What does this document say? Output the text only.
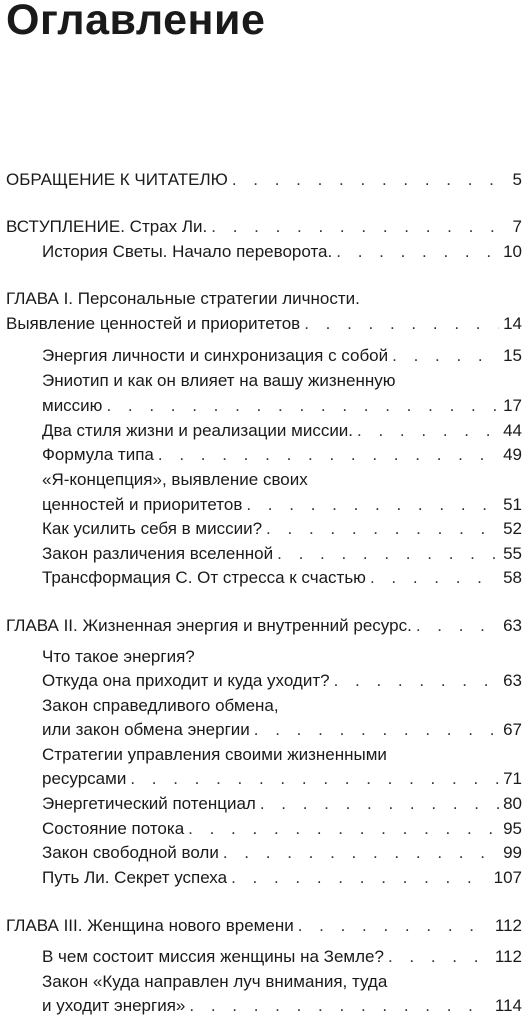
Оглавление
ОБРАЩЕНИЕ К ЧИТАТЕЛЮ . . .	5
ВСТУПЛЕНИЕ. Страх Ли. . . .	7
История Светы. Начало переворота. . . .	10
ГЛАВА I. Персональные стратегии личности.
Выявление ценностей и приоритетов . . .	14
Энергия личности и синхронизация с собой . . .	15
Эниотип и как он влияет на вашу жизненную
миссию . . .	17
Два стиля жизни и реализации миссии. . . .	44
Формула типа . . .	49
«Я-концепция», выявление своих
ценностей и приоритетов . . .	51
Как усилить себя в миссии? . . .	52
Закон различения вселенной . . .	55
Трансформация С. От стресса к счастью . . .	58
ГЛАВА II. Жизненная энергия и внутренний ресурс. . . .	63
Что такое энергия?
Откуда она приходит и куда уходит? . . .	63
Закон справедливого обмена,
или закон обмена энергии . . .	67
Стратегии управления своими жизненными
ресурсами . . .	71
Энергетический потенциал . . .	80
Состояние потока . . .	95
Закон свободной воли . . .	99
Путь Ли. Секрет успеха . . .	107
ГЛАВА III. Женщина нового времени . . .	112
В чем состоит миссия женщины на Земле? . . .	112
Закон «Куда направлен луч внимания, туда
и уходит энергия» . . .	114
